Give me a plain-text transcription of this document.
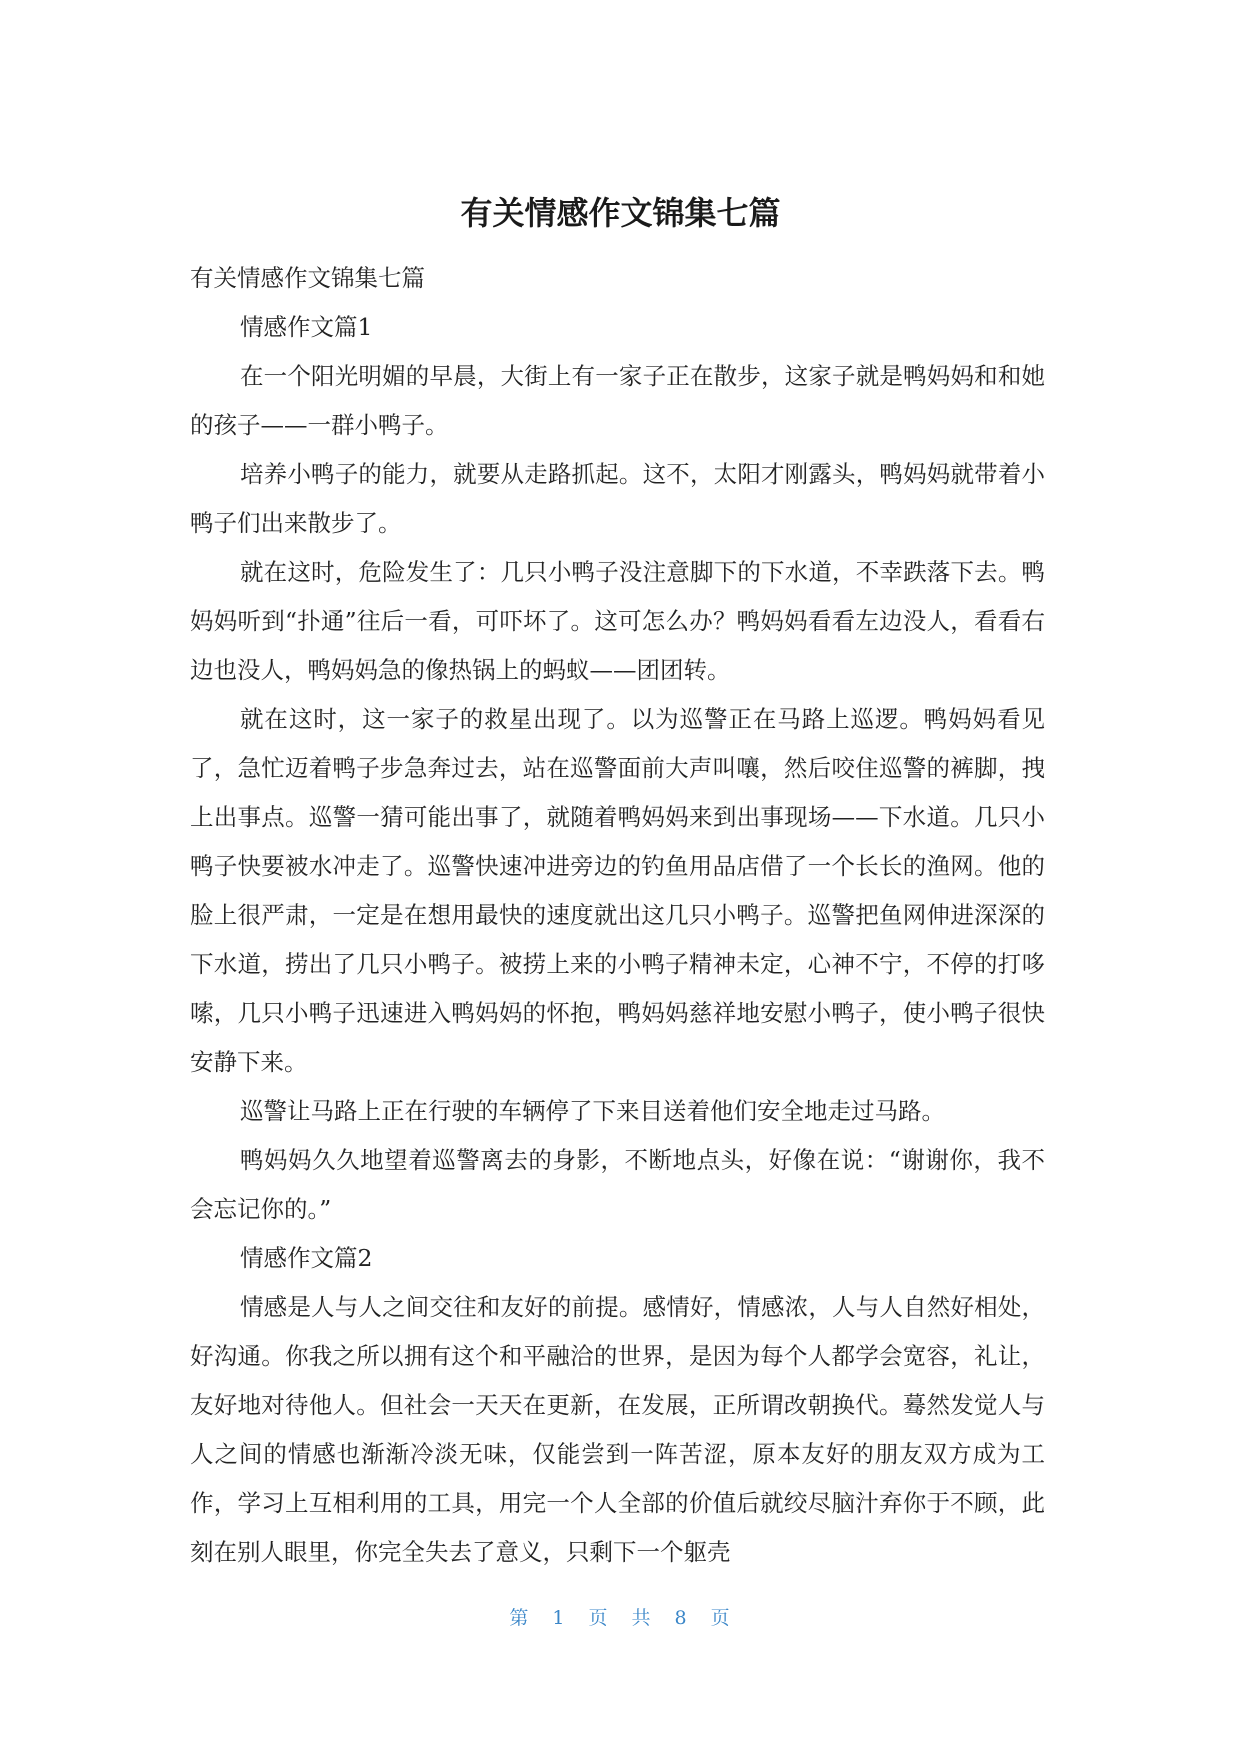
有关情感作文锦集七篇

有关情感作文锦集七篇

情感作文篇1

在一个阳光明媚的早晨，大街上有一家子正在散步，这家子就是鸭妈妈和和她的孩子——一群小鸭子。

培养小鸭子的能力，就要从走路抓起。这不，太阳才刚露头，鸭妈妈就带着小鸭子们出来散步了。

就在这时，危险发生了：几只小鸭子没注意脚下的下水道，不幸跌落下去。鸭妈妈听到“扑通”往后一看，可吓坏了。这可怎么办？鸭妈妈看看左边没人，看看右边也没人，鸭妈妈急的像热锅上的蚂蚁——团团转。

就在这时，这一家子的救星出现了。以为巡警正在马路上巡逻。鸭妈妈看见了，急忙迈着鸭子步急奔过去，站在巡警面前大声叫嚷，然后咬住巡警的裤脚，拽上出事点。巡警一猜可能出事了，就随着鸭妈妈来到出事现场——下水道。几只小鸭子快要被水冲走了。巡警快速冲进旁边的钓鱼用品店借了一个长长的渔网。他的脸上很严肃，一定是在想用最快的速度就出这几只小鸭子。巡警把鱼网伸进深深的下水道，捞出了几只小鸭子。被捞上来的小鸭子精神未定，心神不宁，不停的打哆嗦，几只小鸭子迅速进入鸭妈妈的怀抱，鸭妈妈慈祥地安慰小鸭子，使小鸭子很快安静下来。

巡警让马路上正在行驶的车辆停了下来目送着他们安全地走过马路。

鸭妈妈久久地望着巡警离去的身影，不断地点头，好像在说：“谢谢你，我不会忘记你的。”

情感作文篇2

情感是人与人之间交往和友好的前提。感情好，情感浓，人与人自然好相处，好沟通。你我之所以拥有这个和平融洽的世界，是因为每个人都学会宽容，礼让，友好地对待他人。但社会一天天在更新，在发展，正所谓改朝换代。蓦然发觉人与人之间的情感也渐渐冷淡无味，仅能尝到一阵苦涩，原本友好的朋友双方成为工作，学习上互相利用的工具，用完一个人全部的价值后就绞尽脑汁弃你于不顾，此刻在别人眼里，你完全失去了意义，只剩下一个躯壳

第 1 页 共 8 页
